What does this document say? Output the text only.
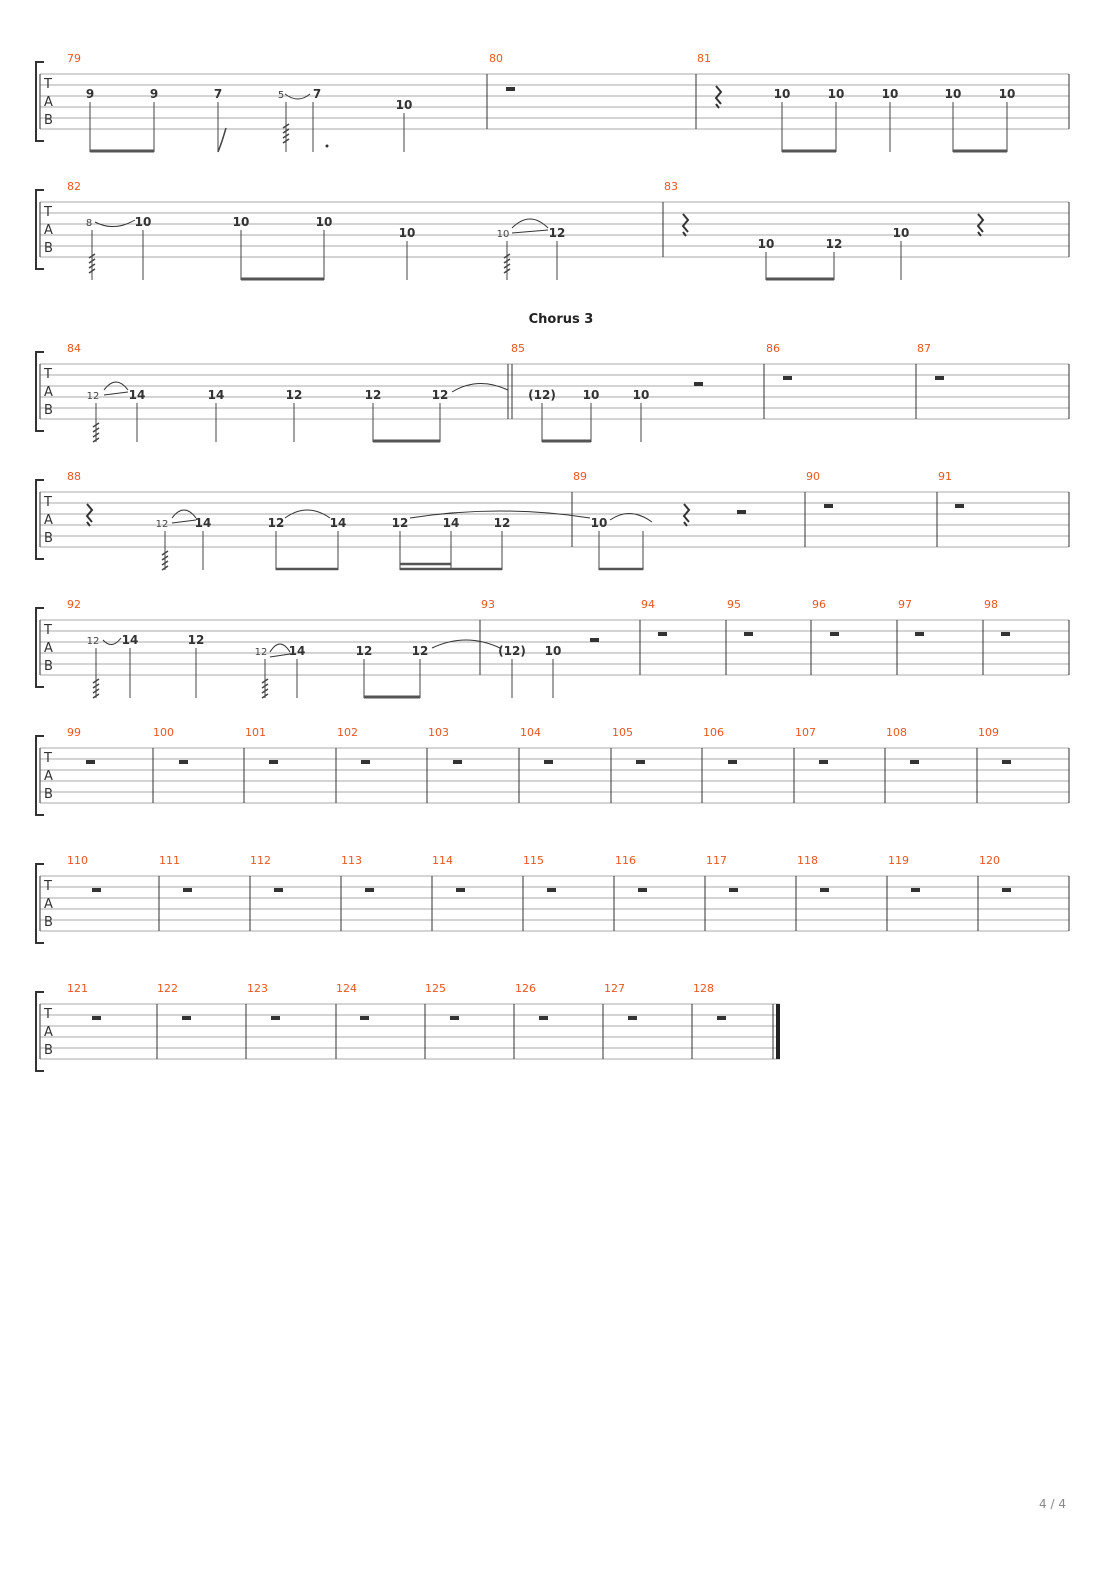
T
A
B
79	80	81
9	9	7	5 7
10
10	10	10	10	10
T
A
B
82	83
8	10	10	10
10	10	12
10	12
10
Chorus 3
T
A
B
84	85	86	87
12 14	14	12	12	12	(12) 10	10
T
A
B
88	89	90	91
12 14	12	14	12	14	12	10
T
A
B
92	93	94	95	96	97	98
12 14	12
12 14	12	12	(12) 10
T
A
B
99	100	101	102	103	104	105	106	107	108	109
T
A
B
110	111	112	113	114	115	116	117	118	119	120
T
A
B
121	122	123	124	125	126	127	128
4 / 4
